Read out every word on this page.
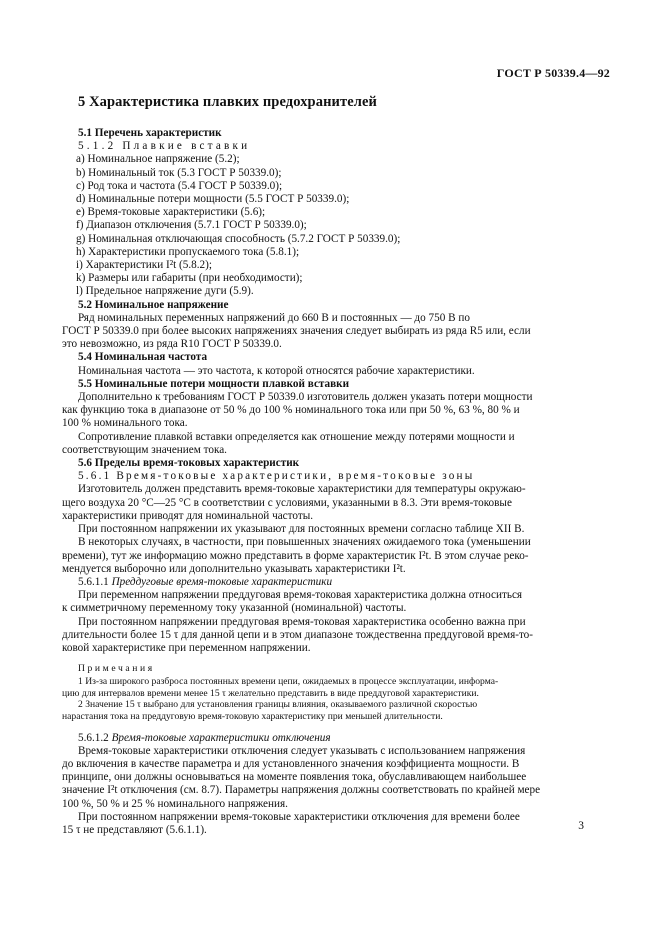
ГОСТ Р 50339.4—92
5 Характеристика плавких предохранителей

5.1 Перечень характеристик

5.1.2 Плавкие вставки

а) Номинальное напряжение (5.2);

b) Номинальный ток (5.3 ГОСТ Р 50339.0);

c) Род тока и частота (5.4 ГОСТ Р 50339.0);

d) Номинальные потери мощности (5.5 ГОСТ Р 50339.0);

e) Время-токовые характеристики (5.6);

f) Диапазон отключения (5.7.1 ГОСТ Р 50339.0);

g) Номинальная отключающая способность (5.7.2 ГОСТ Р 50339.0);

h) Характеристики пропускаемого тока (5.8.1);

i) Характеристики I²t (5.8.2);

k) Размеры или габариты (при необходимости);

l) Предельное напряжение дуги (5.9).

5.2 Номинальное напряжение

Ряд номинальных переменных напряжений до 660 В и постоянных — до 750 В по

ГОСТ Р 50339.0 при более высоких напряжениях значения следует выбирать из ряда R5 или, если

это невозможно, из ряда R10 ГОСТ Р 50339.0.

5.4 Номинальная частота

Номинальная частота — это частота, к которой относятся рабочие характеристики.

5.5 Номинальные потери мощности плавкой вставки

Дополнительно к требованиям ГОСТ Р 50339.0 изготовитель должен указать потери мощности

как функцию тока в диапазоне от 50 % до 100 % номинального тока или при 50 %, 63 %, 80 % и

100 % номинального тока.

Сопротивление плавкой вставки определяется как отношение между потерями мощности и

соответствующим значением тока.

5.6 Пределы время-токовых характеристик

5.6.1 Время-токовые характеристики, время-токовые зоны

Изготовитель должен представить время-токовые характеристики для температуры окружаю-

щего воздуха 20 °С—25 °С в соответствии с условиями, указанными в 8.3. Эти время-токовые

характеристики приводят для номинальной частоты.

При постоянном напряжении их указывают для постоянных времени согласно таблице XII В.

В некоторых случаях, в частности, при повышенных значениях ожидаемого тока (уменьшении

времени), тут же информацию можно представить в форме характеристик I²t. В этом случае реко-

мендуется выборочно или дополнительно указывать характеристики I²t.

5.6.1.1 Преддуговые время-токовые характеристики

При переменном напряжении преддуговая время-токовая характеристика должна относиться

к симметричному переменному току указанной (номинальной) частоты.

При постоянном напряжении преддуговая время-токовая характеристика особенно важна при

длительности более 15 τ для данной цепи и в этом диапазоне тождественна преддуговой время-то-

ковой характеристике при переменном напряжении.

Примечания

1 Из-за широкого разброса постоянных времени цепи, ожидаемых в процессе эксплуатации, информа-

цию для интервалов времени менее 15 τ желательно представить в виде преддуговой характеристики.

2 Значение 15 τ выбрано для установления границы влияния, оказываемого различной скоростью

нарастания тока на преддуговую время-токовую характеристику при меньшей длительности.

5.6.1.2 Время-токовые характеристики отключения

Время-токовые характеристики отключения следует указывать с использованием напряжения

до включения в качестве параметра и для установленного значения коэффициента мощности. В

принципе, они должны основываться на моменте появления тока, обуславливающем наибольшее

значение I²t отключения (см. 8.7). Параметры напряжения должны соответствовать по крайней мере

100 %, 50 % и 25 % номинального напряжения.

При постоянном напряжении время-токовые характеристики отключения для времени более

15 τ не представляют (5.6.1.1).	3
